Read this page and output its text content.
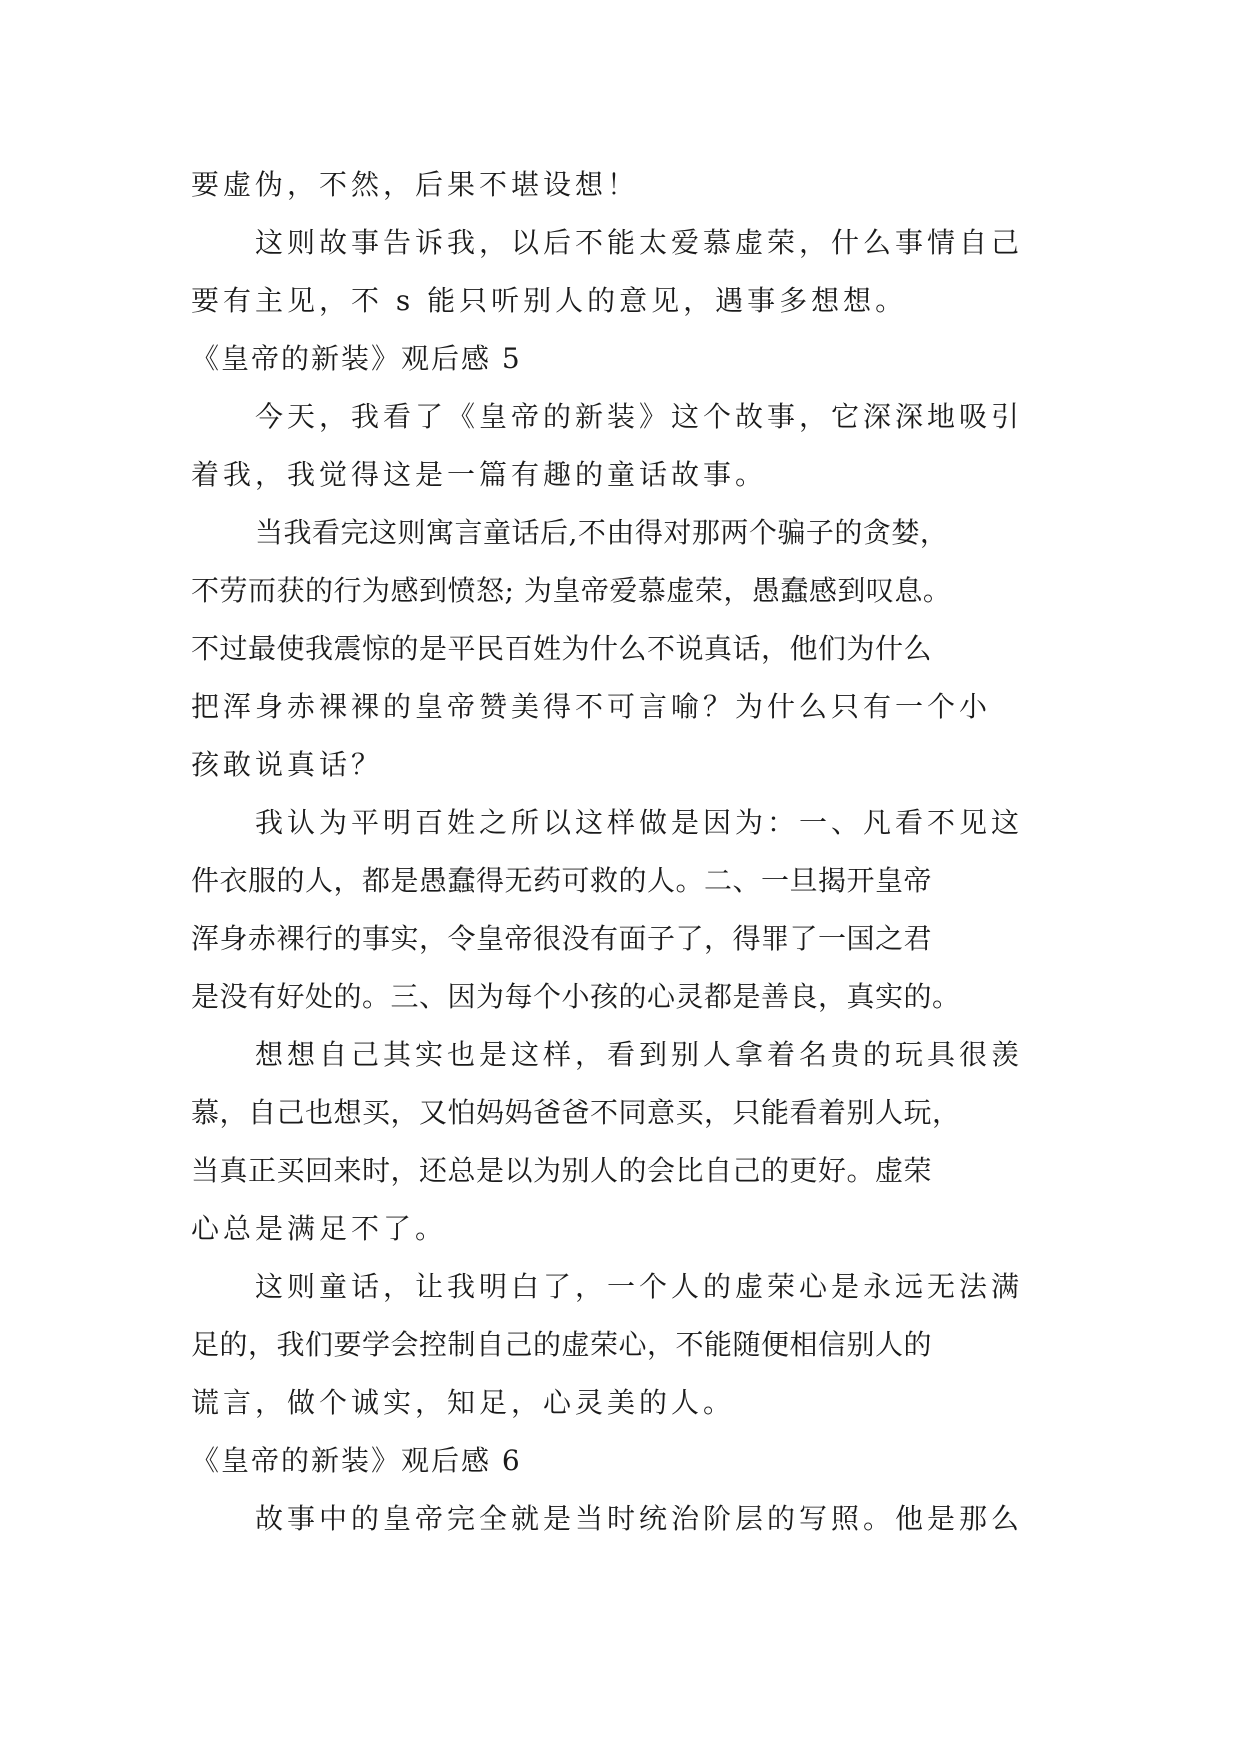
要虚伪，不然，后果不堪设想！
这则故事告诉我，以后不能太爱慕虚荣，什么事情自己
要有主见，不 s 能只听别人的意见，遇事多想想。
《皇帝的新装》观后感 5
今天，我看了《皇帝的新装》这个故事，它深深地吸引
着我，我觉得这是一篇有趣的童话故事。
当我看完这则寓言童话后,不由得对那两个骗子的贪婪，
不劳而获的行为感到愤怒; 为皇帝爱慕虚荣，愚蠢感到叹息。
不过最使我震惊的是平民百姓为什么不说真话，他们为什么
把浑身赤裸裸的皇帝赞美得不可言喻？为什么只有一个小
孩敢说真话？
我认为平明百姓之所以这样做是因为：一、凡看不见这
件衣服的人，都是愚蠢得无药可救的人。二、一旦揭开皇帝
浑身赤裸行的事实，令皇帝很没有面子了，得罪了一国之君
是没有好处的。三、因为每个小孩的心灵都是善良，真实的。
想想自己其实也是这样，看到别人拿着名贵的玩具很羡
慕，自己也想买，又怕妈妈爸爸不同意买，只能看着别人玩，
当真正买回来时，还总是以为别人的会比自己的更好。虚荣
心总是满足不了。
这则童话，让我明白了，一个人的虚荣心是永远无法满
足的，我们要学会控制自己的虚荣心，不能随便相信别人的
谎言，做个诚实，知足，心灵美的人。
《皇帝的新装》观后感 6
故事中的皇帝完全就是当时统治阶层的写照。他是那么
